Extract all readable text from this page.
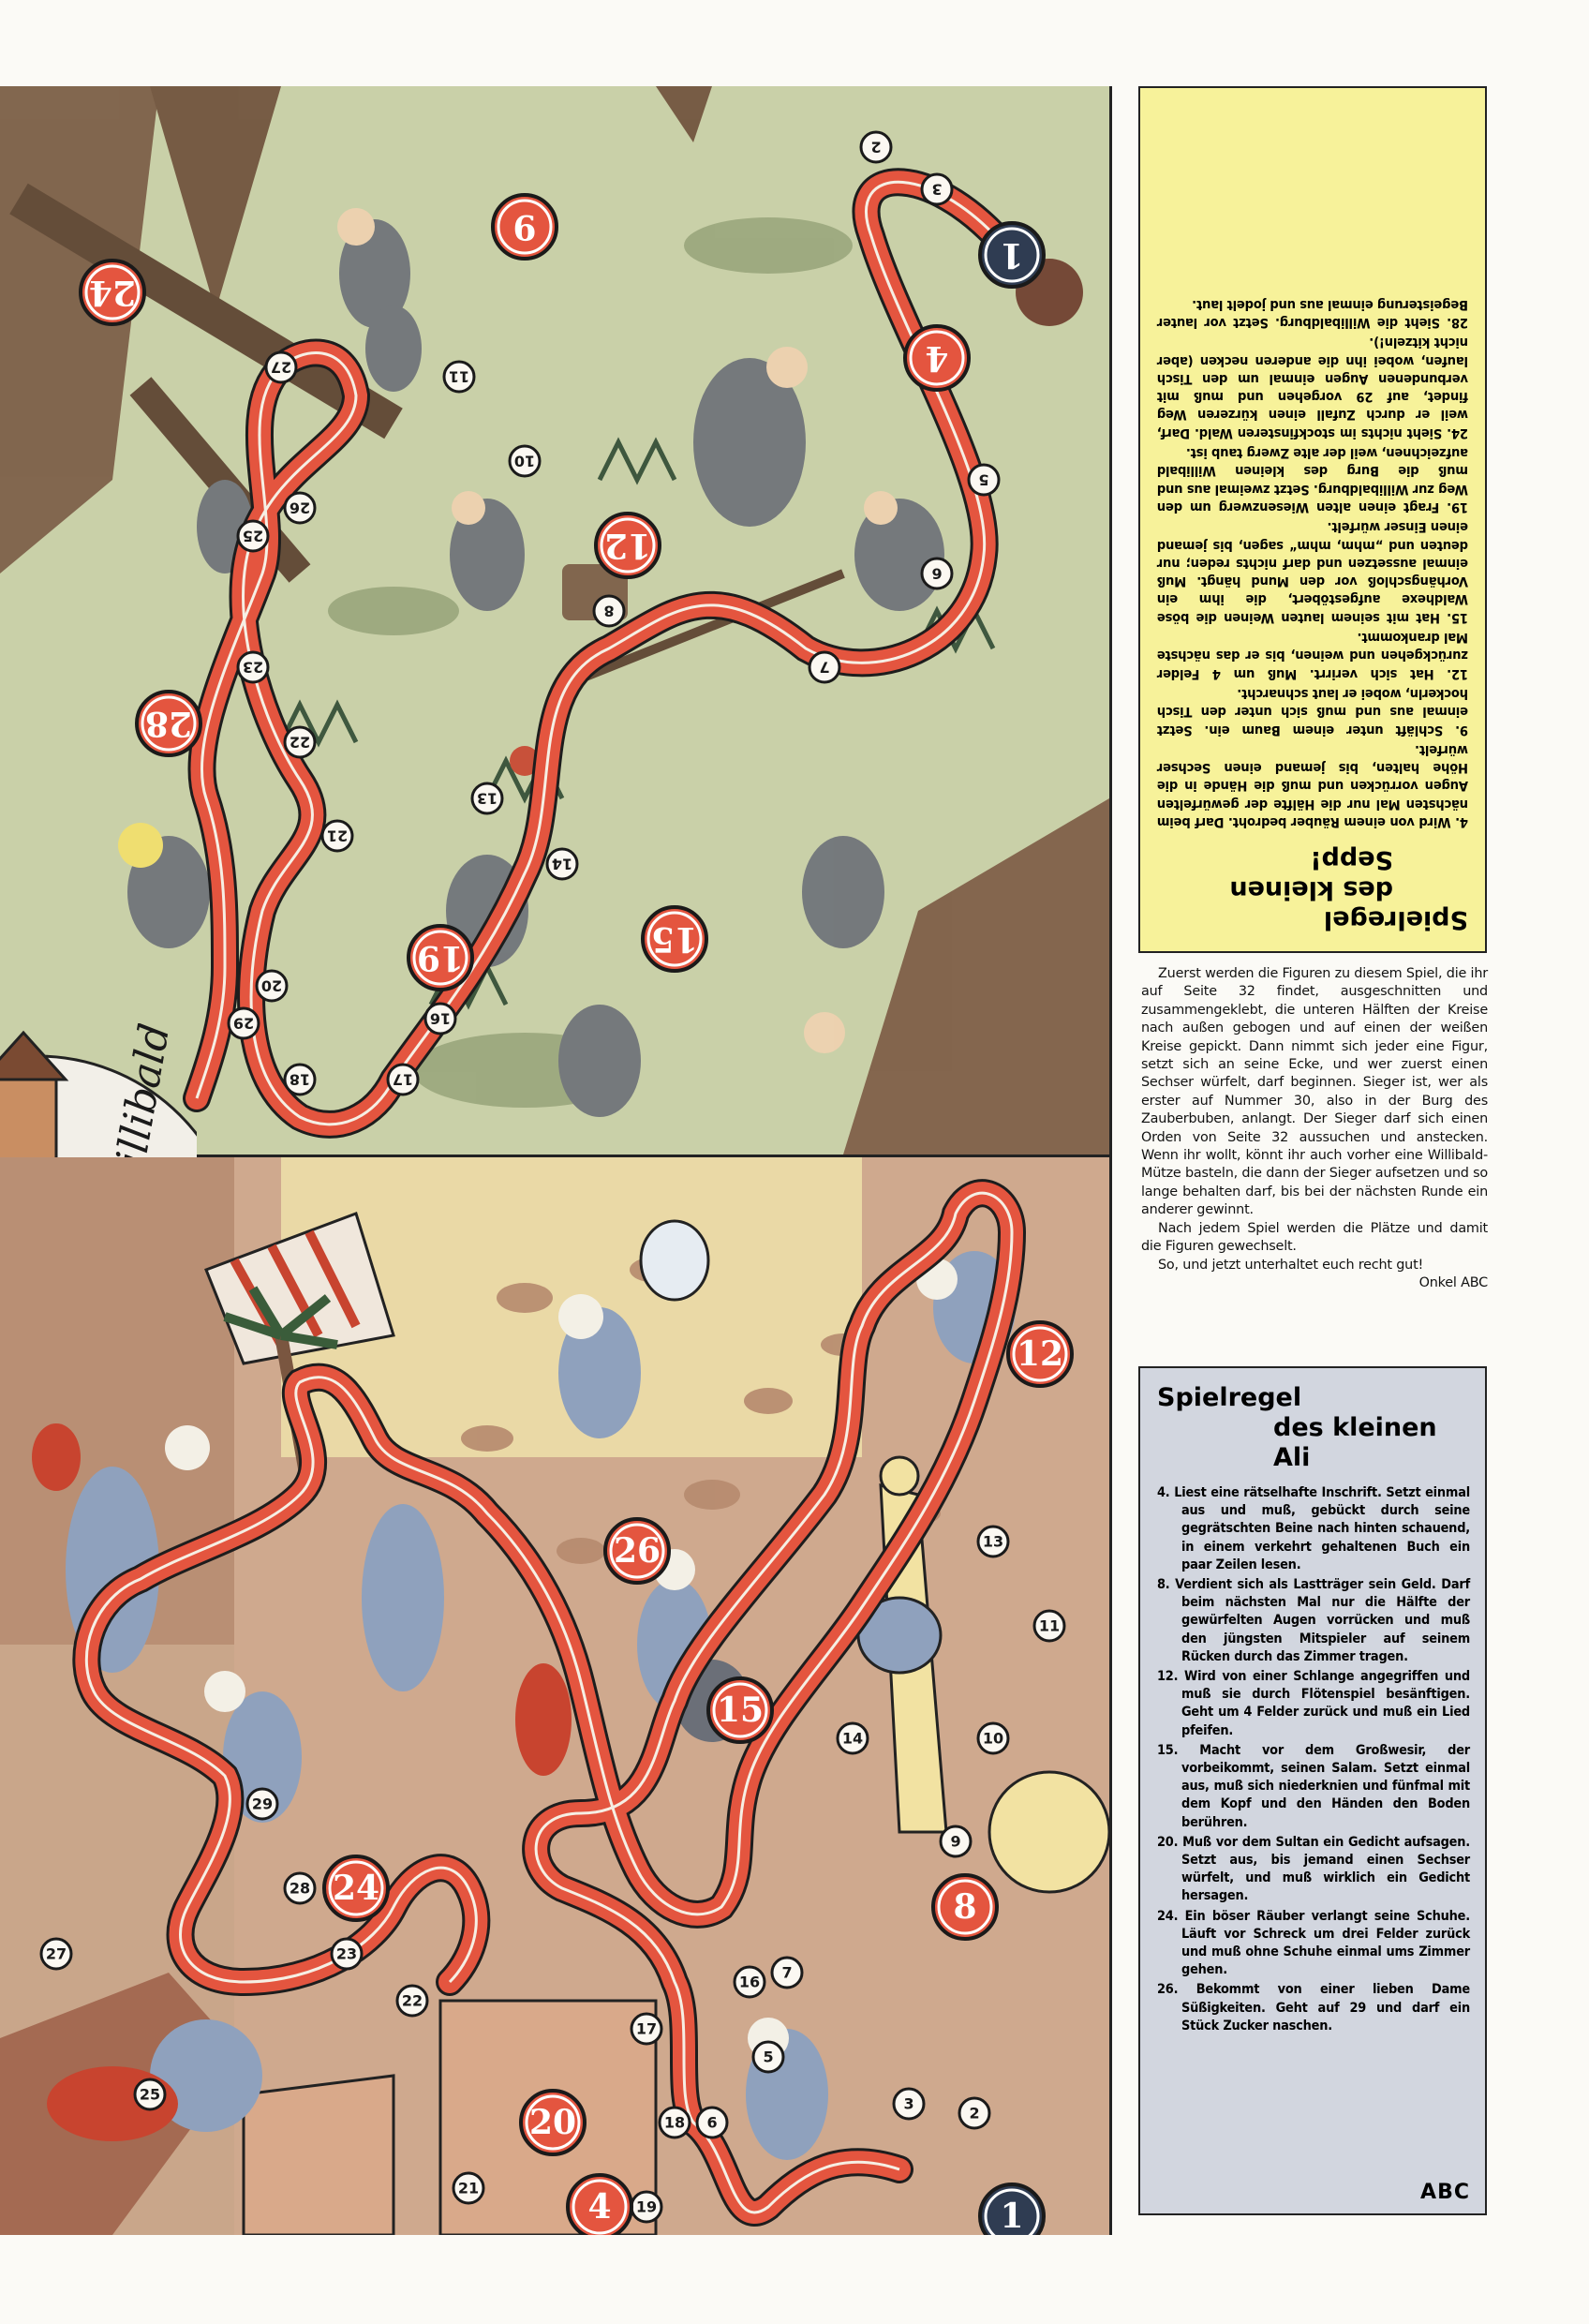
2
3
5
6
7
8
10
11
13
14
16
17
18
20
21
22
23
25
26
27
29
1
4
9
12
15
19
24
28
2
3
5
6
7
9
10
11
13
14
16
17
18
19
21
22
23
25
27
28
29
1
4
8
12
15
20
24
26
Spielregel
des kleinen Sepp!

4. Wird von einem Räuber bedroht. Darf beim nächsten Mal nur die Hälfte der gewürfelten Augen vorrücken und muß die Hände in die Höhe halten, bis jemand einen Sechser würfelt.

9. Schläft unter einem Baum ein. Setzt einmal aus und muß sich unter den Tisch hockerln, wobei er laut schnarcht.

12. Hat sich verirrt. Muß um 4 Felder zurückgehen und weinen, bis er das nächste Mal drankommt.

15. Hat mit seinem lauten Weinen die böse Waldhexe aufgestöbert, die ihm ein Vorhängschloß vor den Mund hängt. Muß einmal aussetzen und darf nichts reden; nur deuten und „mhm, mhm“ sagen, bis jemand einen Einser würfelt.

19. Fragt einen alten Wiesenzwerg um den Weg zur Willibaldburg. Setzt zweimal aus und muß die Burg des kleinen Willibald aufzeichnen, weil der alte Zwerg taub ist.

24. Sieht nichts im stockfinsteren Wald. Darf, weil er durch Zufall einen kürzeren Weg findet, auf 29 vorgehen und muß mit verbundenen Augen einmal um den Tisch laufen, wobei ihn die anderen necken (aber nicht kitzeln!).

28. Sieht die Willibaldburg. Setzt vor lauter Begeisterung einmal aus und jodelt laut.

Zuerst werden die Figuren zu diesem Spiel, die ihr auf Seite 32 findet, ausgeschnitten und zusammengeklebt, die unteren Hälften der Kreise nach außen gebogen und auf einen der weißen Kreise gepickt. Dann nimmt sich jeder eine Figur, setzt sich an seine Ecke, und wer zuerst einen Sechser würfelt, darf beginnen. Sieger ist, wer als erster auf Nummer 30, also in der Burg des Zauberbuben, anlangt. Der Sieger darf sich einen Orden von Seite 32 aussuchen und anstecken. Wenn ihr wollt, könnt ihr auch vorher eine Willibald-Mütze basteln, die dann der Sieger aufsetzen und so lange behalten darf, bis bei der nächsten Runde ein anderer gewinnt.

Nach jedem Spiel werden die Plätze und damit die Figuren gewechselt.

So, und jetzt unterhaltet euch recht gut!

Onkel ABC

Spielregel
des kleinen Ali

4. Liest eine rätselhafte Inschrift. Setzt einmal aus und muß, gebückt durch seine gegrätschten Beine nach hinten schauend, in einem verkehrt gehaltenen Buch ein paar Zeilen lesen.

8. Verdient sich als Lastträger sein Geld. Darf beim nächsten Mal nur die Hälfte der gewürfelten Augen vorrücken und muß den jüngsten Mitspieler auf seinem Rücken durch das Zimmer tragen.

12. Wird von einer Schlange angegriffen und muß sie durch Flötenspiel besänftigen. Geht um 4 Felder zurück und muß ein Lied pfeifen.

15. Macht vor dem Großwesir, der vorbeikommt, seinen Salam. Setzt einmal aus, muß sich niederknien und fünfmal mit dem Kopf und den Händen den Boden berühren.

20. Muß vor dem Sultan ein Gedicht aufsagen. Setzt aus, bis jemand einen Sechser würfelt, und muß wirklich ein Gedicht hersagen.

24. Ein böser Räuber verlangt seine Schuhe. Läuft vor Schreck um drei Felder zurück und muß ohne Schuhe einmal ums Zimmer gehen.

26. Bekommt von einer lieben Dame Süßigkeiten. Geht auf 29 und darf ein Stück Zucker naschen.

ABC
